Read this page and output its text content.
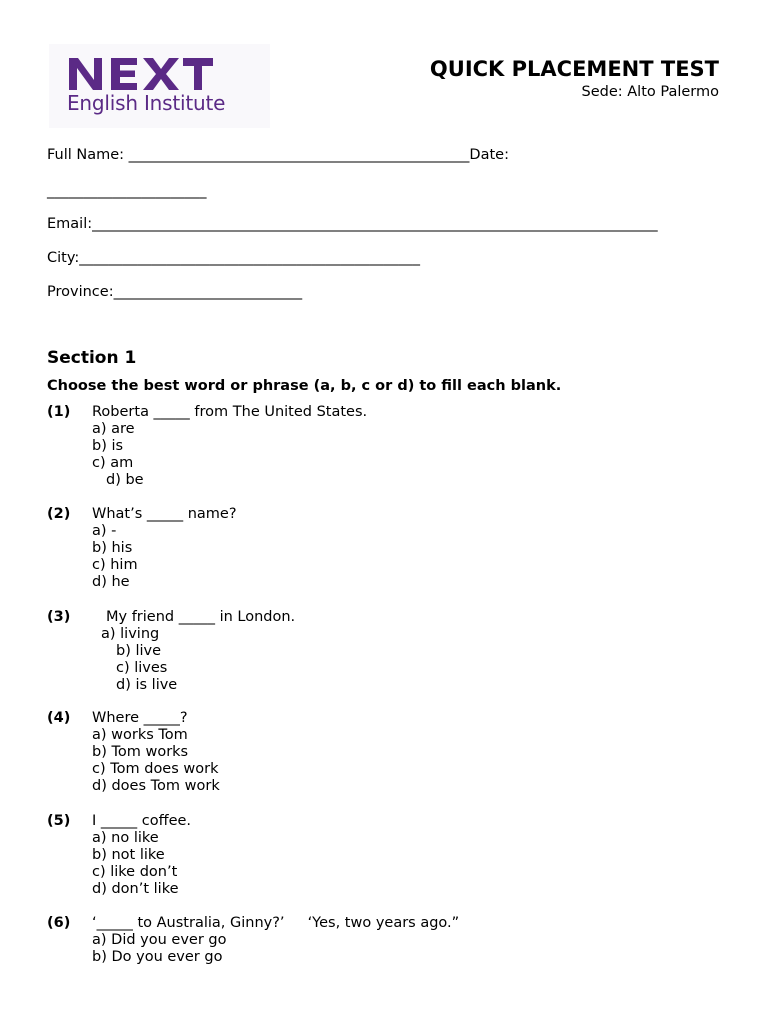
English Institute
QUICK PLACEMENT TEST
Sede: Alto Palermo
Full Name: _______________________________________________Date:
______________________
Email:______________________________________________________________________________
City:_______________________________________________
Province:__________________________
Section 1
Choose the best word or phrase (a, b, c or d) to fill each blank.
(1) Roberta _____ from The United States.
a) are
b) is
c) am
d) be
(2) What’s _____ name?
a) -
b) his
c) him
d) he
(3) My friend _____ in London.
a) living
b) live
c) lives
d) is live
(4) Where _____?
a) works Tom
b) Tom works
c) Tom does work
d) does Tom work
(5) I _____ coffee.
a) no like
b) not like
c) like don’t
d) don’t like
(6) ‘_____ to Australia, Ginny?’     ‘Yes, two years ago.”
a) Did you ever go
b) Do you ever go
